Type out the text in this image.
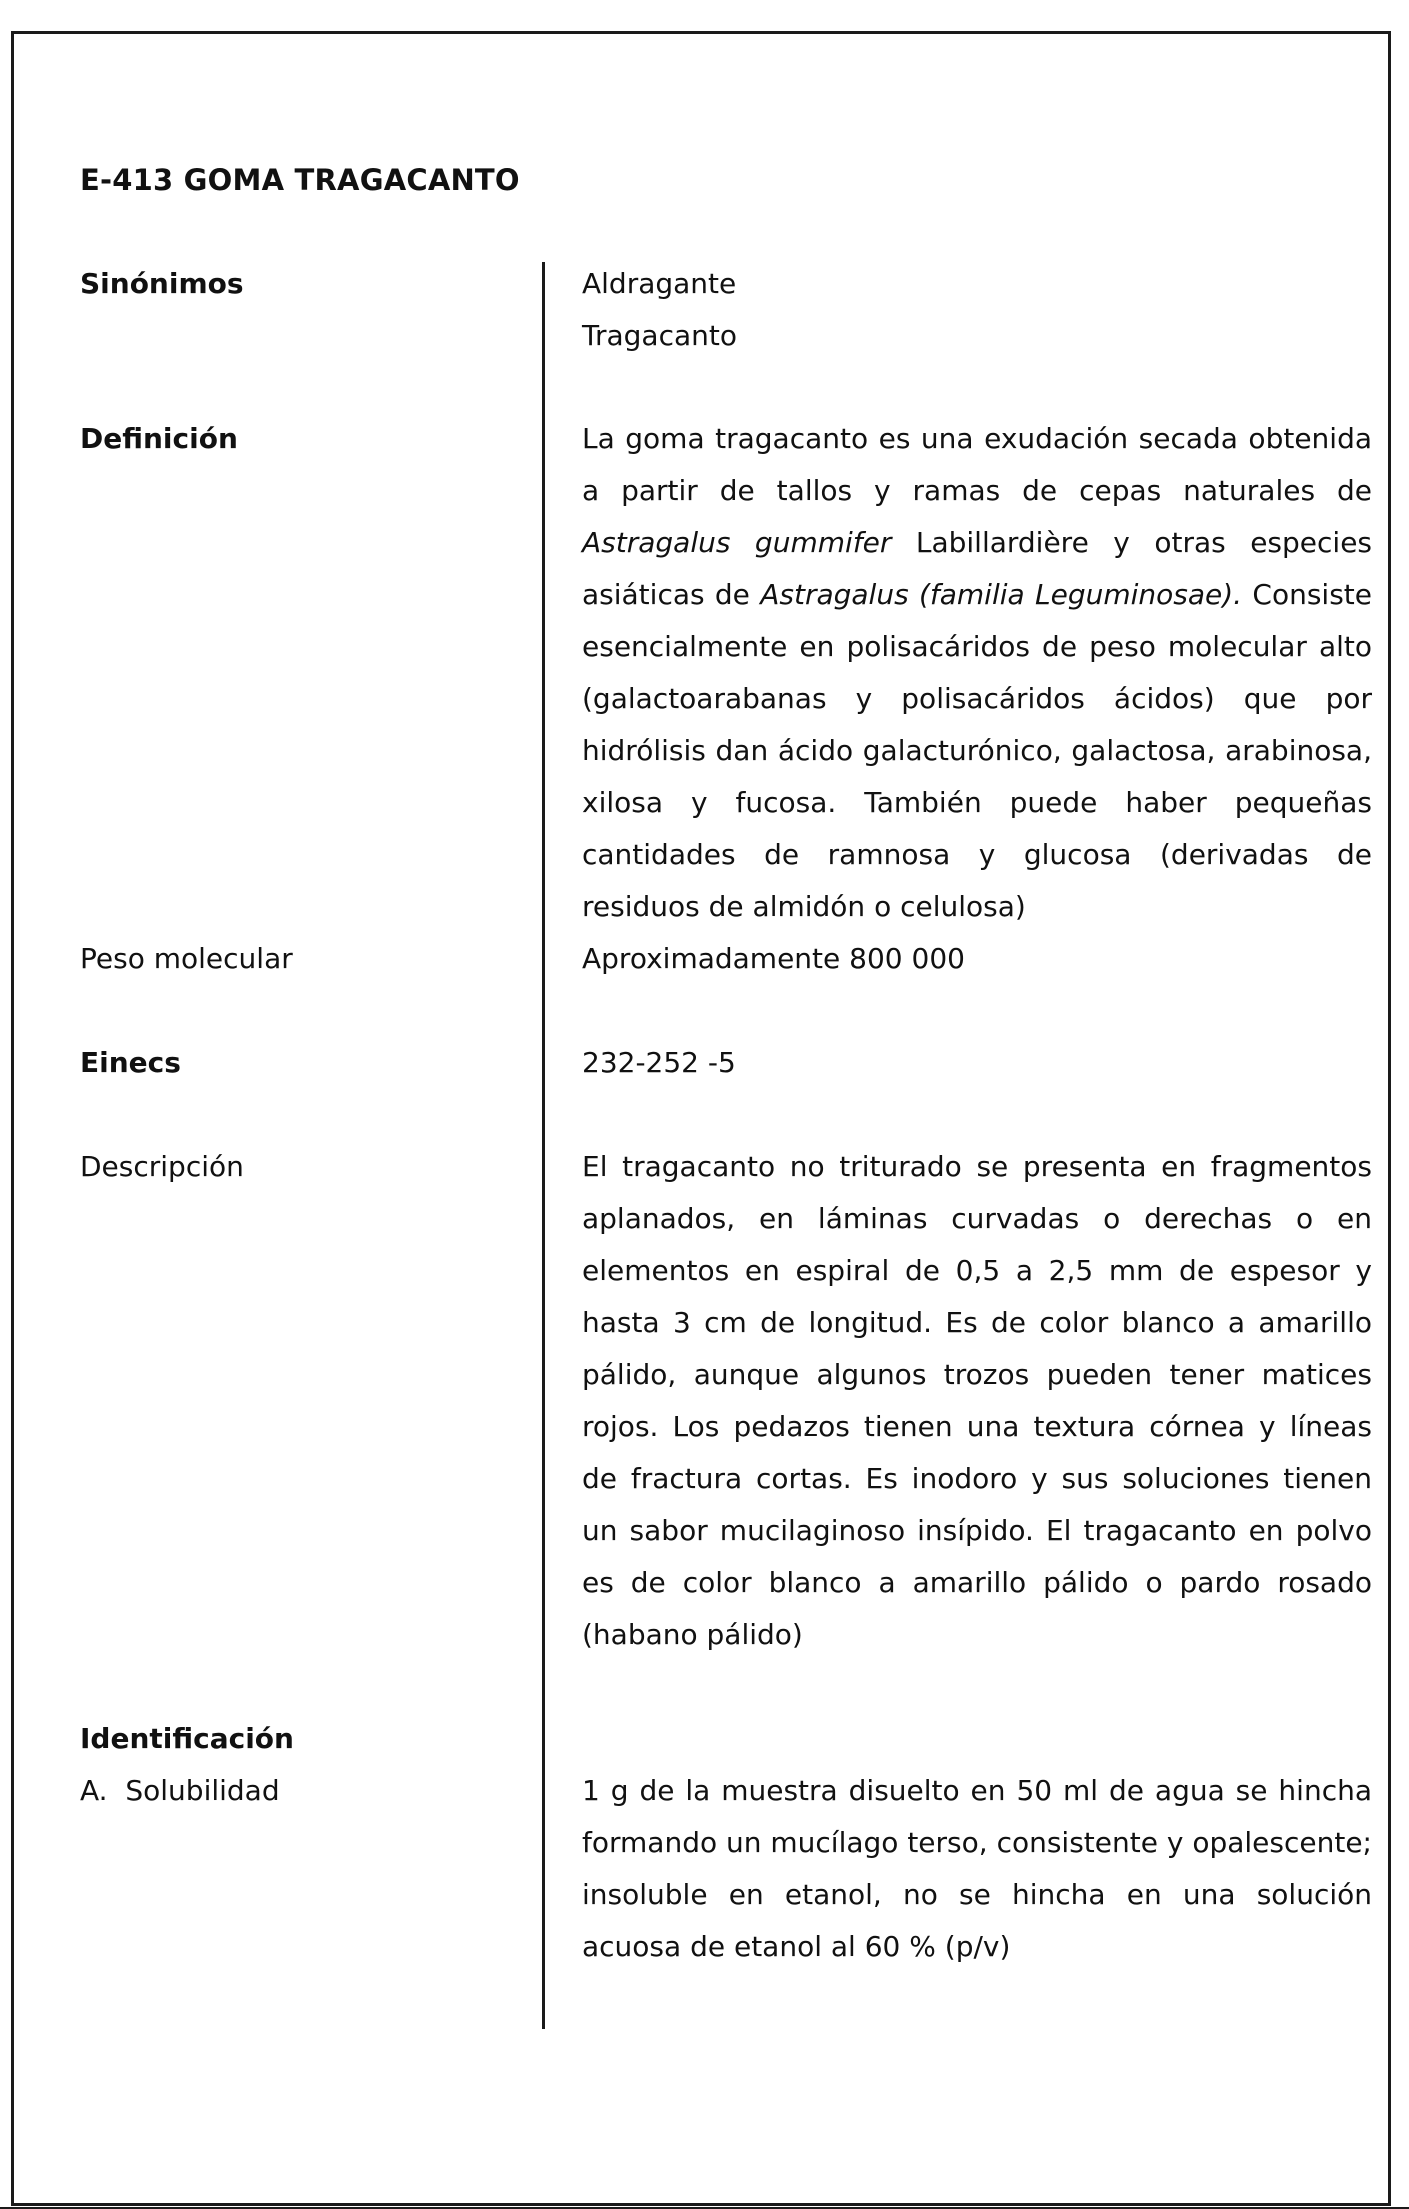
E-413 GOMA TRAGACANTO
Sinónimos	Aldragante
Tragacanto
Definición	La goma tragacanto es una exudación secada obtenida a partir de tallos y ramas de cepas naturales de Astragalus gummifer Labillardière y otras especies asiáticas de Astragalus (familia Leguminosae). Consiste esencialmente en polisacáridos de peso molecular alto (galactoarabanas y polisacáridos ácidos) que por hidrólisis dan ácido galacturónico, galactosa, arabinosa, xilosa y fucosa. También puede haber pequeñas cantidades de ramnosa y glucosa (derivadas de residuos de almidón o celulosa)

Peso molecular	Aproximadamente 800 000
Einecs	232-252 -5
Descripción	El tragacanto no triturado se presenta en fragmentos aplanados, en láminas curvadas o derechas o en elementos en espiral de 0,5 a 2,5 mm de espesor y hasta 3 cm de longitud. Es de color blanco a amarillo pálido, aunque algunos trozos pueden tener matices rojos. Los pedazos tienen una textura córnea y líneas de fractura cortas. Es inodoro y sus soluciones tienen un sabor mucilaginoso insípido. El tragacanto en polvo es de color blanco a amarillo pálido o pardo rosado (habano pálido)

Identificación
A.  Solubilidad	1 g de la muestra disuelto en 50 ml de agua se hincha formando un mucílago terso, consistente y opalescente; insoluble en etanol, no se hincha en una solución acuosa de etanol al 60 % (p/v)
